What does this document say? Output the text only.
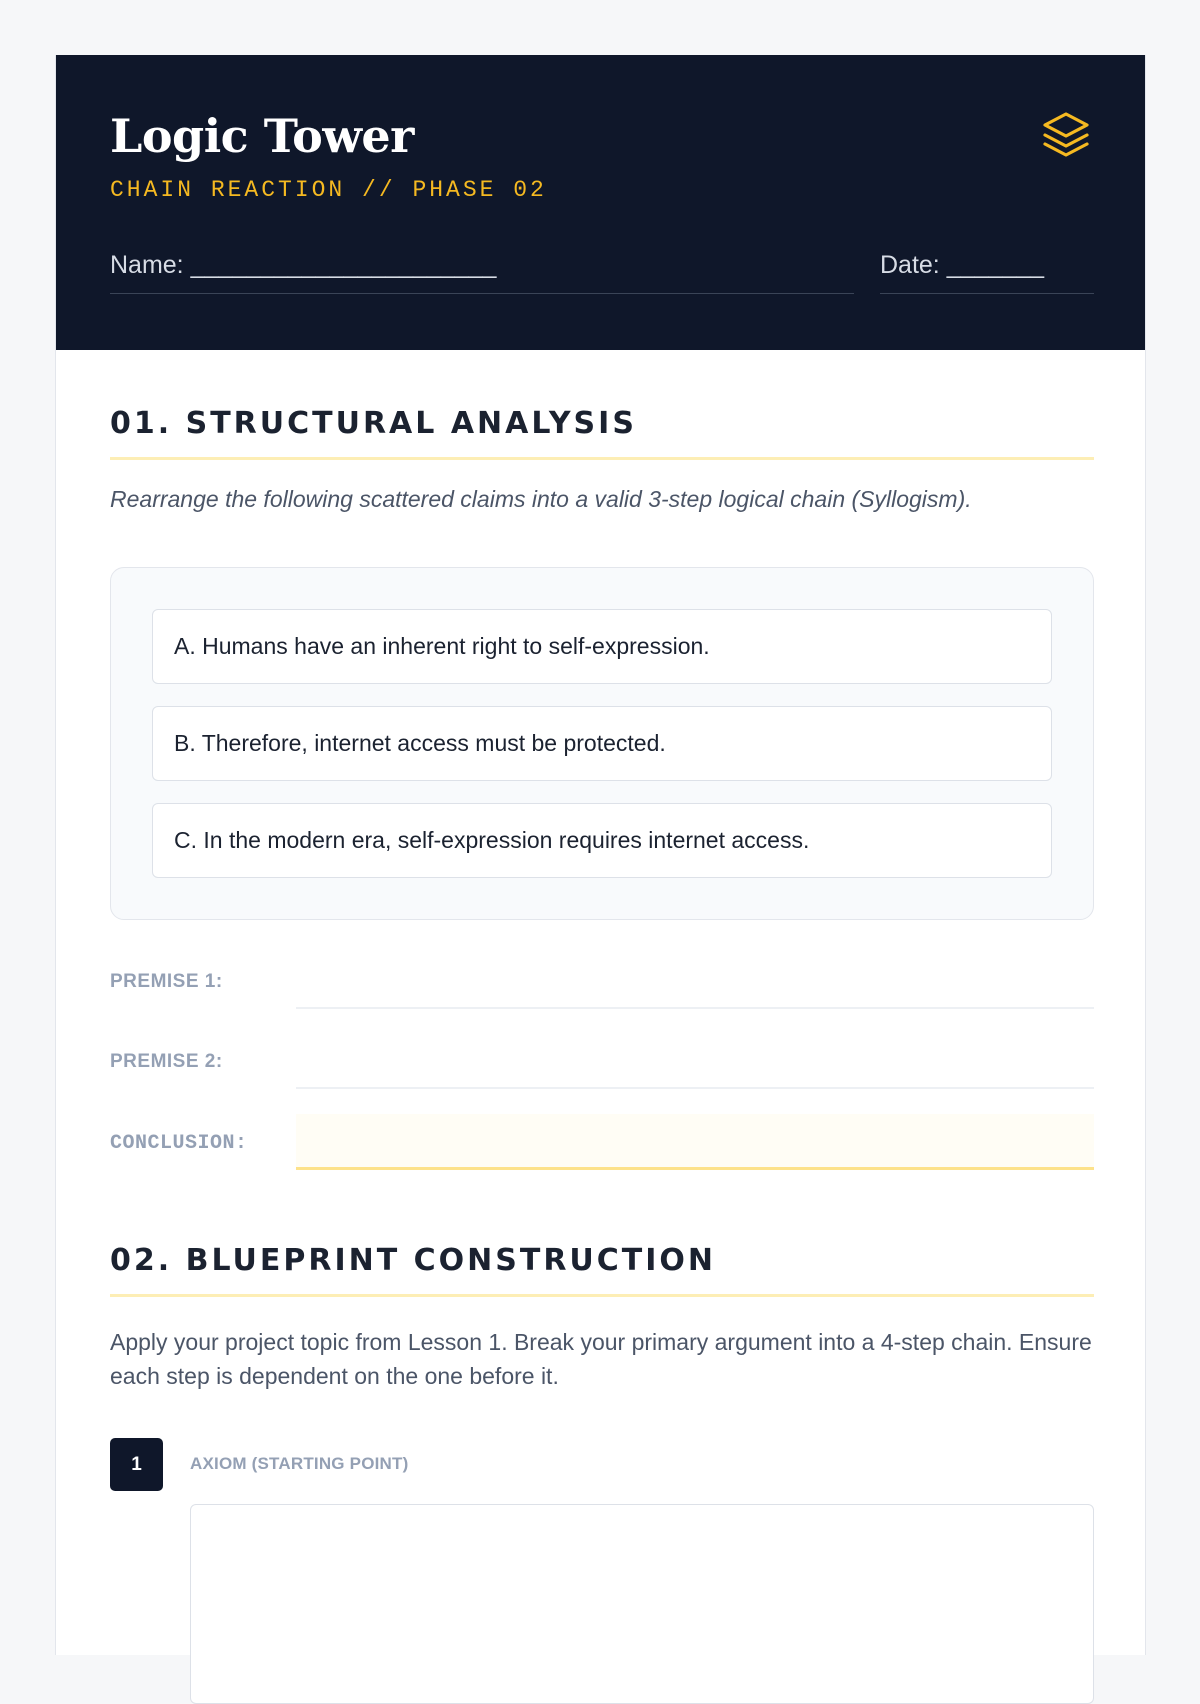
Logic Tower
CHAIN REACTION // PHASE 02
Name: ______________________	Date: _______
01. STRUCTURAL ANALYSIS
Rearrange the following scattered claims into a valid 3-step logical chain (Syllogism).
A. Humans have an inherent right to self-expression.
B. Therefore, internet access must be protected.
C. In the modern era, self-expression requires internet access.
PREMISE 1:
PREMISE 2:
CONCLUSION:
02. BLUEPRINT CONSTRUCTION
Apply your project topic from Lesson 1. Break your primary argument into a 4-step chain. Ensure each step is dependent on the one before it.
1	AXIOM (STARTING POINT)
